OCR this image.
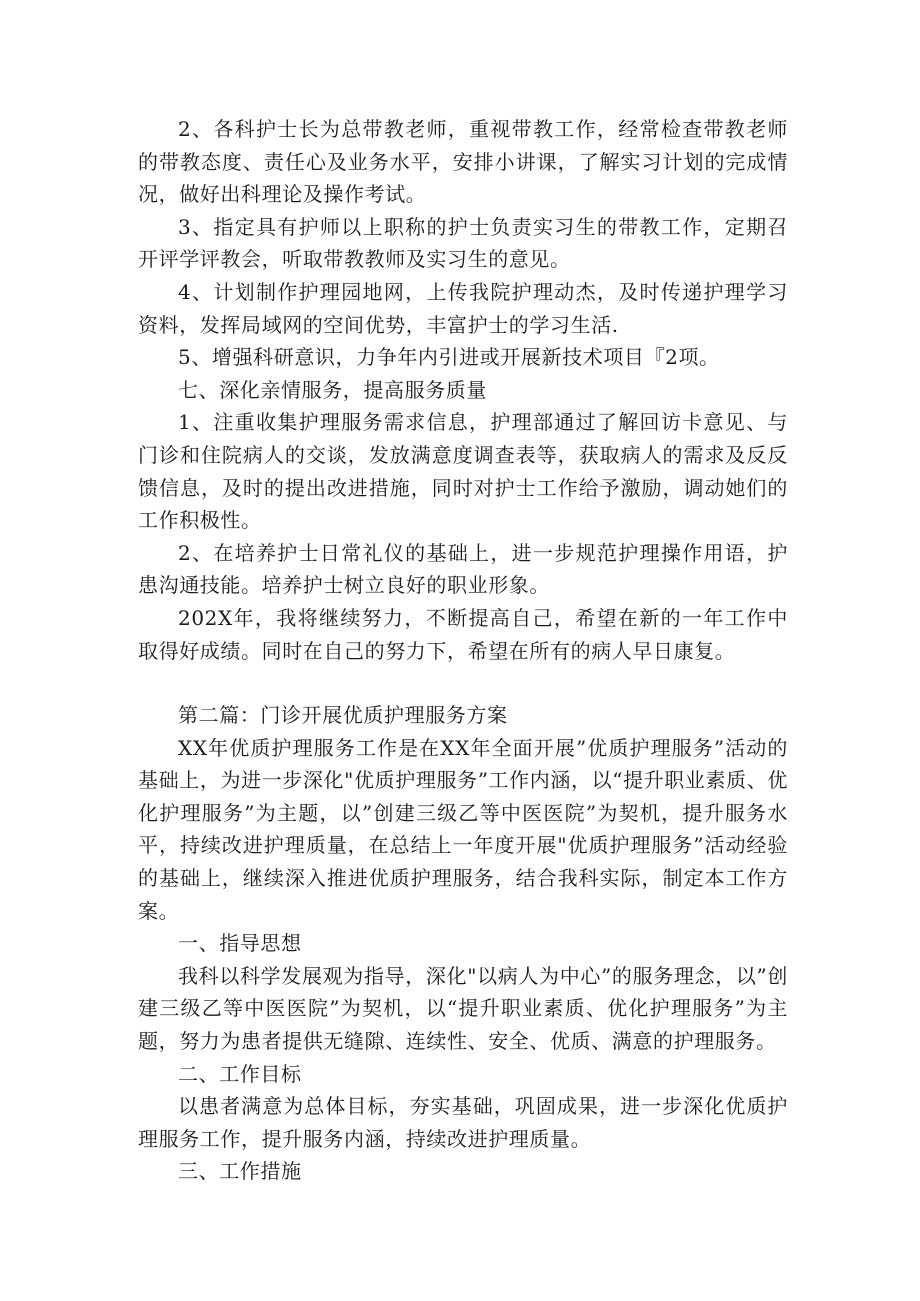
2、各科护士长为总带教老师，重视带教工作，经常检查带教老师的带教态度、责任心及业务水平，安排小讲课，了解实习计划的完成情况，做好出科理论及操作考试。

3、指定具有护师以上职称的护士负责实习生的带教工作，定期召开评学评教会，听取带教教师及实习生的意见。

4、计划制作护理园地网，上传我院护理动杰，及时传递护理学习资料，发挥局域网的空间优势，丰富护士的学习生活.

5、增强科研意识，力争年内引进或开展新技术项目『2项。

七、深化亲情服务，提高服务质量

1、注重收集护理服务需求信息，护理部通过了解回访卡意见、与门诊和住院病人的交谈，发放满意度调查表等，获取病人的需求及反反馈信息，及时的提出改进措施，同时对护士工作给予激励，调动她们的工作积极性。

2、在培养护士日常礼仪的基础上，进一步规范护理操作用语，护患沟通技能。培养护士树立良好的职业形象。

202X年，我将继续努力，不断提高自己，希望在新的一年工作中取得好成绩。同时在自己的努力下，希望在所有的病人早日康复。

第二篇：门诊开展优质护理服务方案

XX年优质护理服务工作是在XX年全面开展”优质护理服务”活动的基础上，为进一步深化"优质护理服务”工作内涵，以“提升职业素质、优化护理服务”为主题，以”创建三级乙等中医医院”为契机，提升服务水平，持续改进护理质量，在总结上一年度开展"优质护理服务”活动经验的基础上，继续深入推进优质护理服务，结合我科实际，制定本工作方案。

一、指导思想

我科以科学发展观为指导，深化"以病人为中心”的服务理念，以”创建三级乙等中医医院”为契机，以“提升职业素质、优化护理服务”为主题，努力为患者提供无缝隙、连续性、安全、优质、满意的护理服务。

二、工作目标

以患者满意为总体目标，夯实基础，巩固成果，进一步深化优质护理服务工作，提升服务内涵，持续改进护理质量。

三、工作措施
